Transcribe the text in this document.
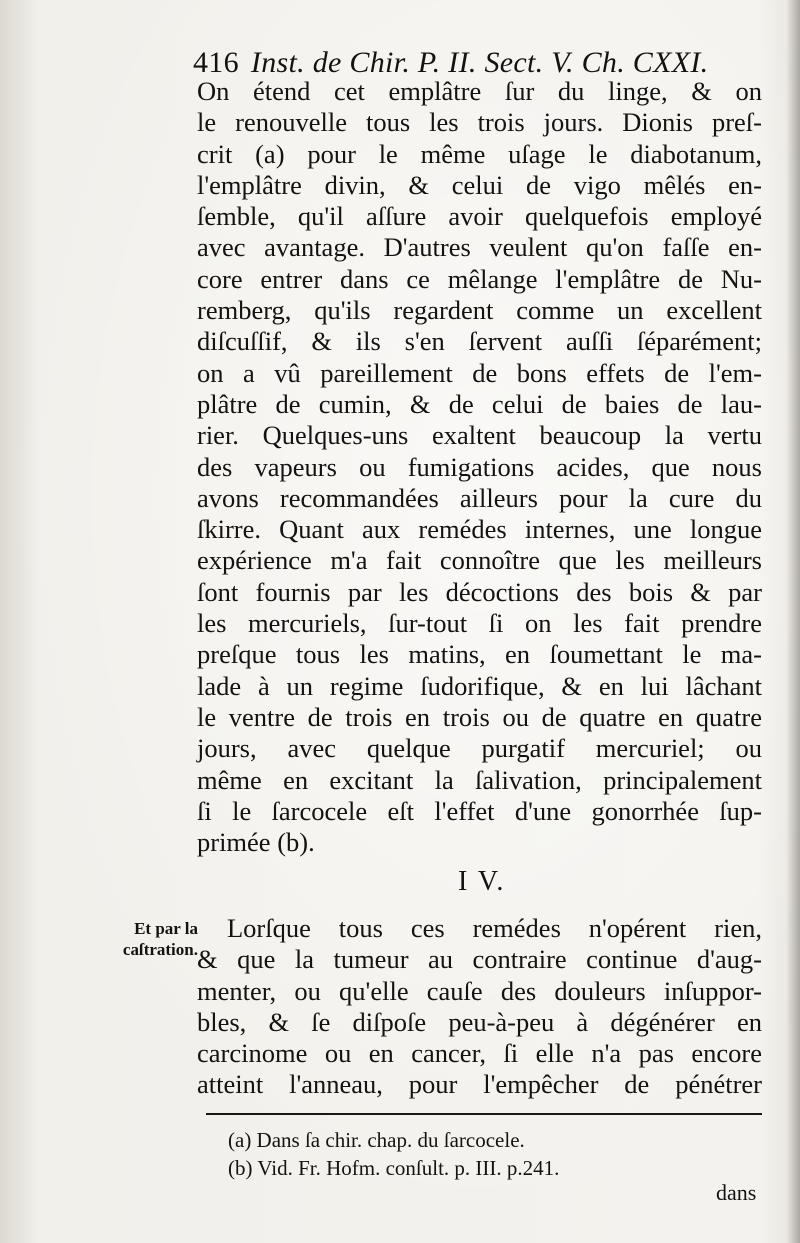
416 Inst. de Chir. P. II. Sect. V. Ch. CXXI.
On étend cet emplâtre ſur du linge, & on
le renouvelle tous les trois jours. Dionis preſ-
crit (a) pour le même uſage le diabotanum,
l'emplâtre divin, & celui de vigo mêlés en-
ſemble, qu'il aſſure avoir quelquefois employé
avec avantage. D'autres veulent qu'on faſſe en-
core entrer dans ce mêlange l'emplâtre de Nu-
remberg, qu'ils regardent comme un excellent
diſcuſſif, & ils s'en ſervent auſſi ſéparément;
on a vû pareillement de bons effets de l'em-
plâtre de cumin, & de celui de baies de lau-
rier. Quelques-uns exaltent beaucoup la vertu
des vapeurs ou fumigations acides, que nous
avons recommandées ailleurs pour la cure du
ſkirre. Quant aux remédes internes, une longue
expérience m'a fait connoître que les meilleurs
ſont fournis par les décoctions des bois & par
les mercuriels, ſur-tout ſi on les fait prendre
preſque tous les matins, en ſoumettant le ma-
lade à un regime ſudorifique, & en lui lâchant
le ventre de trois en trois ou de quatre en quatre
jours, avec quelque purgatif mercuriel; ou
même en excitant la ſalivation, principalement
ſi le ſarcocele eſt l'effet d'une gonorrhée ſup-
primée (b).
I V.
Et par la
caſtration.
Lorſque tous ces remédes n'opérent rien,
& que la tumeur au contraire continue d'aug-
menter, ou qu'elle cauſe des douleurs inſuppor-
bles, & ſe diſpoſe peu-à-peu à dégénérer en
carcinome ou en cancer, ſi elle n'a pas encore
atteint l'anneau, pour l'empêcher de pénétrer
(a) Dans ſa chir. chap. du ſarcocele.
(b) Vid. Fr. Hofm. conſult. p. III. p.241.
dans
